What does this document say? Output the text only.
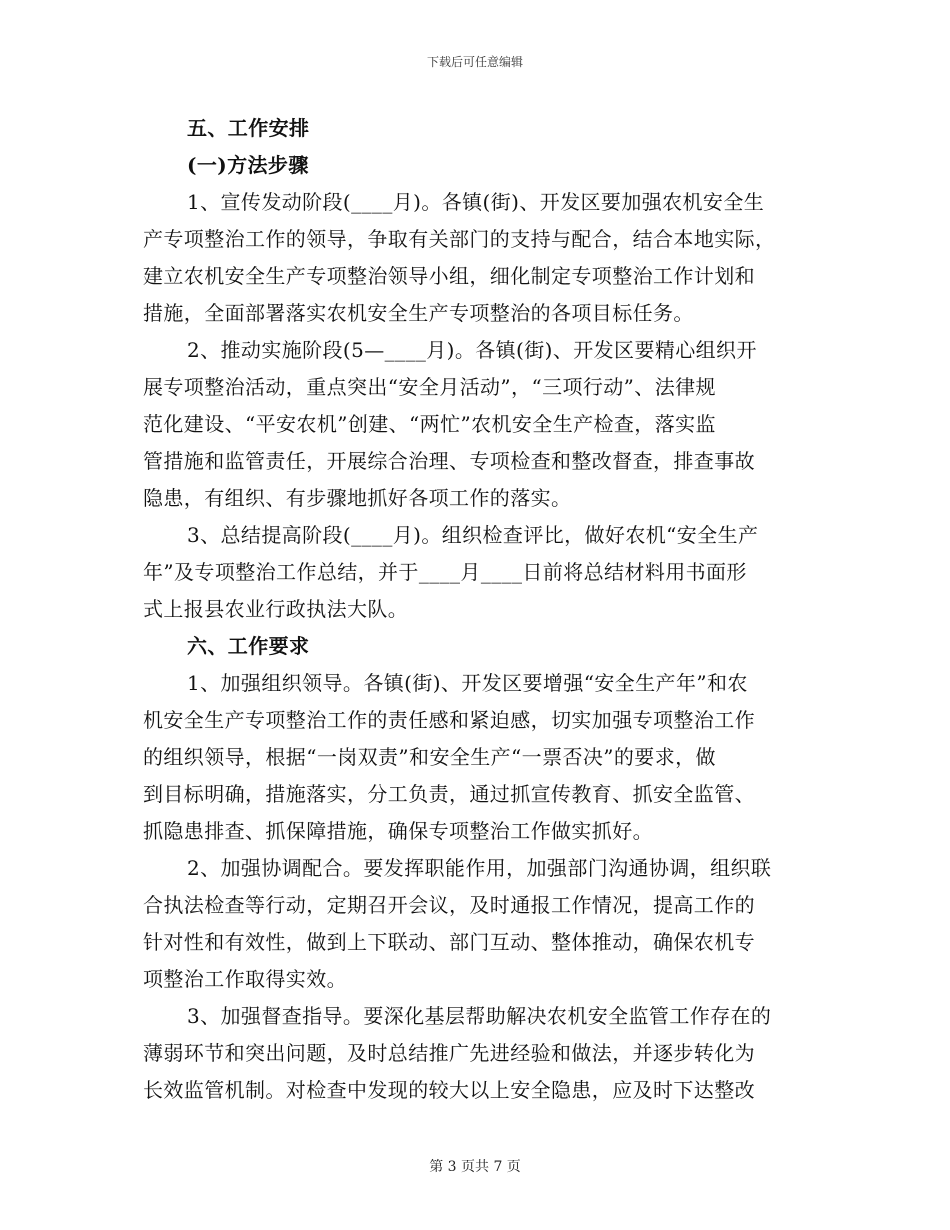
下载后可任意编辑
五、工作安排
(一)方法步骤
1、宣传发动阶段(____月)。各镇(街)、开发区要加强农机安全生
产专项整治工作的领导，争取有关部门的支持与配合，结合本地实际，
建立农机安全生产专项整治领导小组，细化制定专项整治工作计划和
措施，全面部署落实农机安全生产专项整治的各项目标任务。
2、推动实施阶段(5—____月)。各镇(街)、开发区要精心组织开
展专项整治活动，重点突出“安全月活动”，“三项行动”、法律规
范化建设、“平安农机”创建、“两忙”农机安全生产检查，落实监
管措施和监管责任，开展综合治理、专项检查和整改督查，排查事故
隐患，有组织、有步骤地抓好各项工作的落实。
3、总结提高阶段(____月)。组织检查评比，做好农机“安全生产
年”及专项整治工作总结，并于____月____日前将总结材料用书面形
式上报县农业行政执法大队。
六、工作要求
1、加强组织领导。各镇(街)、开发区要增强“安全生产年”和农
机安全生产专项整治工作的责任感和紧迫感，切实加强专项整治工作
的组织领导，根据“一岗双责”和安全生产“一票否决”的要求，做
到目标明确，措施落实，分工负责，通过抓宣传教育、抓安全监管、
抓隐患排查、抓保障措施，确保专项整治工作做实抓好。
2、加强协调配合。要发挥职能作用，加强部门沟通协调，组织联
合执法检查等行动，定期召开会议，及时通报工作情况，提高工作的
针对性和有效性，做到上下联动、部门互动、整体推动，确保农机专
项整治工作取得实效。
3、加强督查指导。要深化基层帮助解决农机安全监管工作存在的
薄弱环节和突出问题，及时总结推广先进经验和做法，并逐步转化为
长效监管机制。对检查中发现的较大以上安全隐患，应及时下达整改
第 3 页共 7 页
